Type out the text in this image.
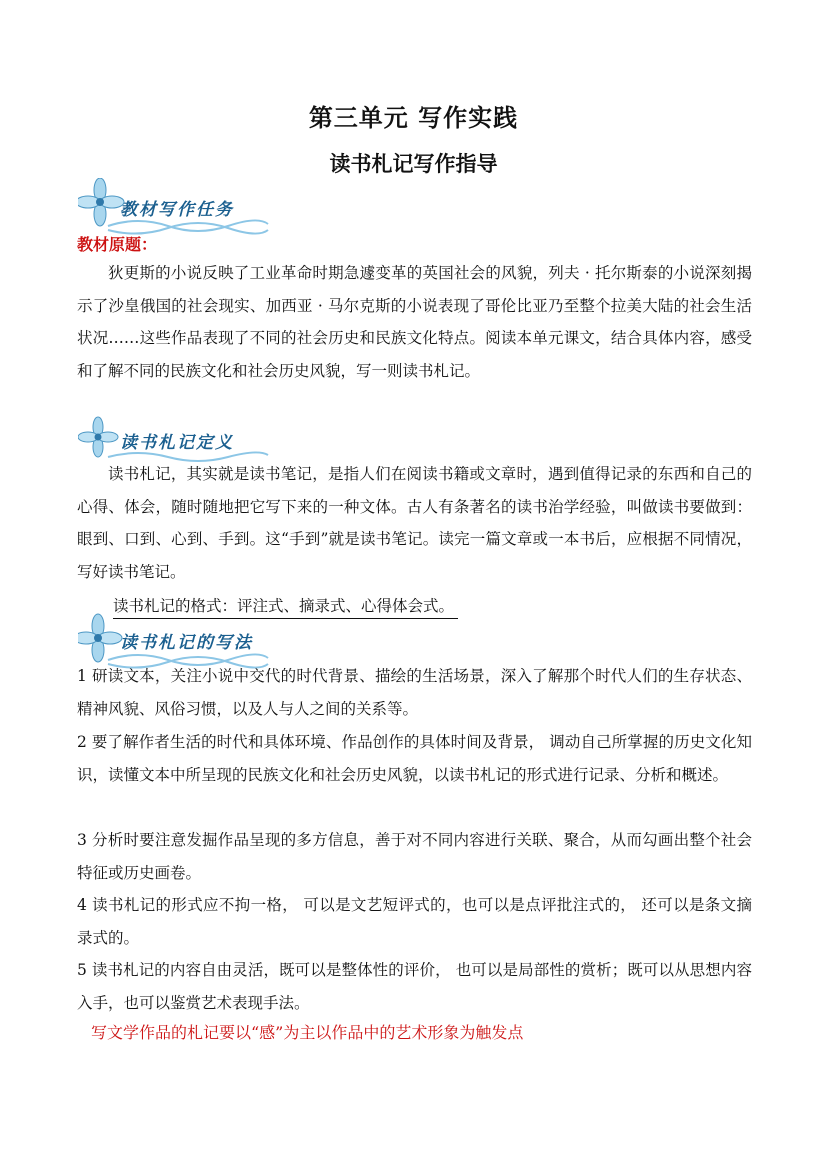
第三单元 写作实践
读书札记写作指导
教材写作任务
教材原题：
狄更斯的小说反映了工业革命时期急遽变革的英国社会的风貌，列夫 · 托尔斯泰的小说深刻揭示了沙皇俄国的社会现实、加西亚 · 马尔克斯的小说表现了哥伦比亚乃至整个拉美大陆的社会生活状况……这些作品表现了不同的社会历史和民族文化特点。阅读本单元课文，结合具体内容，感受和了解不同的民族文化和社会历史风貌，写一则读书札记。
读书札记定义
读书札记，其实就是读书笔记，是指人们在阅读书籍或文章时，遇到值得记录的东西和自己的心得、体会，随时随地把它写下来的一种文体。古人有条著名的读书治学经验，叫做读书要做到：眼到、口到、心到、手到。这“手到”就是读书笔记。读完一篇文章或一本书后，应根据不同情况，写好读书笔记。
读书札记的格式：评注式、摘录式、心得体会式。
读书札记的写法
1 研读文本，关注小说中交代的时代背景、描绘的生活场景，深入了解那个时代人们的生存状态、精神风貌、风俗习惯，以及人与人之间的关系等。
2 要了解作者生活的时代和具体环境、作品创作的具体时间及背景， 调动自己所掌握的历史文化知识，读懂文本中所呈现的民族文化和社会历史风貌，以读书札记的形式进行记录、分析和概述。
3 分析时要注意发掘作品呈现的多方信息，善于对不同内容进行关联、聚合，从而勾画出整个社会特征或历史画卷。
4 读书札记的形式应不拘一格， 可以是文艺短评式的，也可以是点评批注式的， 还可以是条文摘录式的。
5 读书札记的内容自由灵活，既可以是整体性的评价， 也可以是局部性的赏析；既可以从思想内容入手，也可以鉴赏艺术表现手法。
写文学作品的札记要以“感”为主以作品中的艺术形象为触发点
